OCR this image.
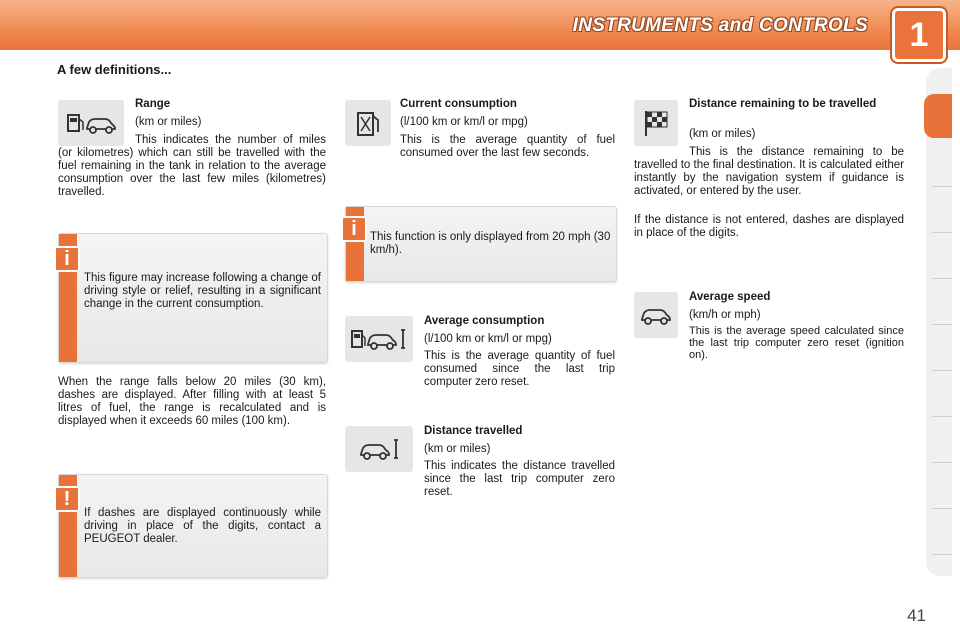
INSTRUMENTS and CONTROLS	1
A few definitions...
Range
(km or miles)
This indicates the number of miles (or kilometres) which can still be travelled with the fuel remaining in the tank in relation to the average consumption over the last few miles (kilometres) travelled.
This figure may increase following a change of driving style or relief, resulting in a significant change in the current consumption.
i
When the range falls below 20 miles (30 km), dashes are displayed. After filling with at least 5 litres of fuel, the range is recalculated and is displayed when it exceeds 60 miles (100 km).
If dashes are displayed continuously while driving in place of the digits, contact a PEUGEOT dealer.
!
Current consumption
(l/100 km or km/l or mpg)
This is the average quantity of fuel consumed over the last few seconds.
This function is only displayed from 20 mph (30 km/h).
i
Average consumption
(l/100 km or km/l or mpg)
This is the average quantity of fuel consumed since the last trip computer zero reset.
Distance travelled
(km or miles)
This indicates the distance travelled since the last trip computer zero reset.
Distance remaining to be travelled
(km or miles)
This is the distance remaining to be travelled to the final destination. It is calculated either instantly by the navigation system if guidance is activated, or entered by the user.
If the distance is not entered, dashes are displayed in place of the digits.
Average speed
(km/h or mph)
This is the average speed calculated since the last trip computer zero reset (ignition on).
41
